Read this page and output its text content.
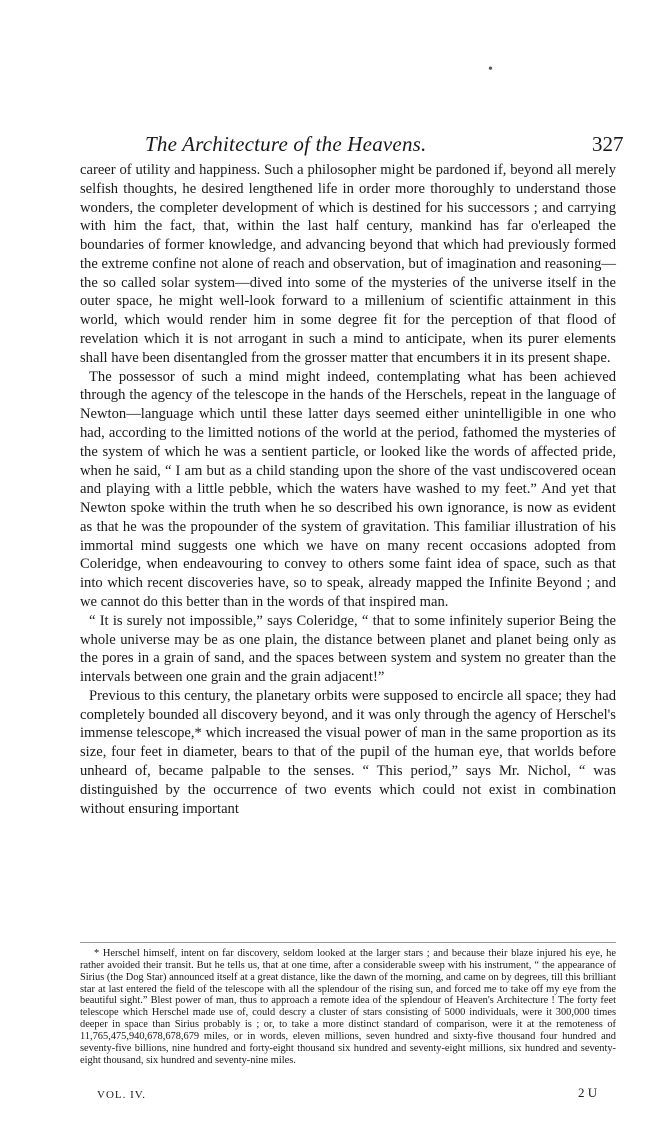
•
The Architecture of the Heavens.	327

career of utility and happiness. Such a philosopher might be pardoned if, beyond all merely selfish thoughts, he desired lengthened life in order more thoroughly to understand those wonders, the completer development of which is destined for his successors ; and carrying with him the fact, that, within the last half century, mankind has far o'erleaped the boundaries of former knowledge, and advancing beyond that which had previously formed the extreme confine not alone of reach and observation, but of imagination and reasoning—the so called solar system—dived into some of the mysteries of the universe itself in the outer space, he might well-look forward to a millenium of scientific attainment in this world, which would render him in some degree fit for the perception of that flood of revelation which it is not arrogant in such a mind to anticipate, when its purer elements shall have been disentangled from the grosser matter that encumbers it in its present shape.

The possessor of such a mind might indeed, contemplating what has been achieved through the agency of the telescope in the hands of the Herschels, repeat in the language of Newton—language which until these latter days seemed either unintelligible in one who had, according to the limitted notions of the world at the period, fathomed the mysteries of the system of which he was a sentient particle, or looked like the words of affected pride, when he said, “ I am but as a child standing upon the shore of the vast undiscovered ocean and playing with a little pebble, which the waters have washed to my feet.” And yet that Newton spoke within the truth when he so described his own ignorance, is now as evident as that he was the propounder of the system of gravitation. This familiar illustration of his immortal mind suggests one which we have on many recent occasions adopted from Coleridge, when endeavouring to convey to others some faint idea of space, such as that into which recent discoveries have, so to speak, already mapped the Infinite Beyond ; and we cannot do this better than in the words of that inspired man.

“ It is surely not impossible,” says Coleridge, “ that to some infinitely superior Being the whole universe may be as one plain, the distance between planet and planet being only as the pores in a grain of sand, and the spaces between system and system no greater than the intervals between one grain and the grain adjacent!”

Previous to this century, the planetary orbits were supposed to encircle all space; they had completely bounded all discovery beyond, and it was only through the agency of Herschel's immense telescope,* which increased the visual power of man in the same proportion as its size, four feet in diameter, bears to that of the pupil of the human eye, that worlds before unheard of, became palpable to the senses. “ This period,” says Mr. Nichol, “ was distinguished by the occurrence of two events which could not exist in combination without ensuring important

* Herschel himself, intent on far discovery, seldom looked at the larger stars ; and because their blaze injured his eye, he rather avoided their transit. But he tells us, that at one time, after a considerable sweep with his instrument, “ the appearance of Sirius (the Dog Star) announced itself at a great distance, like the dawn of the morning, and came on by degrees, till this brilliant star at last entered the field of the telescope with all the splendour of the rising sun, and forced me to take off my eye from the beautiful sight.” Blest power of man, thus to approach a remote idea of the splendour of Heaven's Architecture ! The forty feet telescope which Herschel made use of, could descry a cluster of stars consisting of 5000 individuals, were it 300,000 times deeper in space than Sirius probably is ; or, to take a more distinct standard of comparison, were it at the remoteness of 11,765,475,940,678,678,679 miles, or in words, eleven millions, seven hundred and sixty-five thousand four hundred and seventy-five billions, nine hundred and forty-eight thousand six hundred and seventy-eight millions, six hundred and seventy-eight thousand, six hundred and seventy-nine miles.
VOL. IV.	2 U
